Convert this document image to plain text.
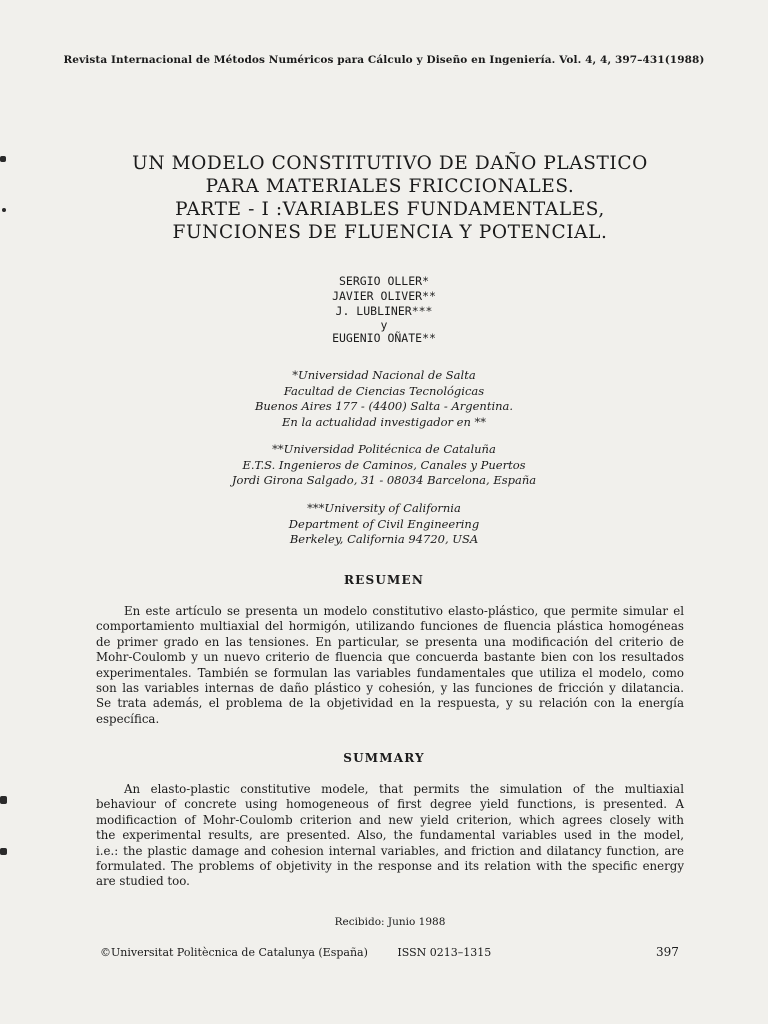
Revista Internacional de Métodos Numéricos para Cálculo y Diseño en Ingeniería. Vol. 4, 4, 397–431(1988)
UN MODELO CONSTITUTIVO DE DAÑO PLASTICO
PARA MATERIALES FRICCIONALES.
PARTE - I :VARIABLES FUNDAMENTALES,
FUNCIONES DE FLUENCIA Y POTENCIAL.
SERGIO OLLER*
JAVIER OLIVER**
J. LUBLINER***
y
EUGENIO OÑATE**
*Universidad Nacional de Salta
Facultad de Ciencias Tecnológicas
Buenos Aires 177 - (4400) Salta - Argentina.
En la actualidad investigador en **
**Universidad Politécnica de Cataluña
E.T.S. Ingenieros de Caminos, Canales y Puertos
Jordi Girona Salgado, 31 - 08034 Barcelona, España
***University of California
Department of Civil Engineering
Berkeley, California 94720, USA
RESUMEN
En este artículo se presenta un modelo constitutivo elasto-plástico, que permite simular el
comportamiento multiaxial del hormigón, utilizando funciones de fluencia plástica homogéneas
de primer grado en las tensiones. En particular, se presenta una modificación del criterio de
Mohr-Coulomb y un nuevo criterio de fluencia que concuerda bastante bien con los resultados
experimentales. También se formulan las variables fundamentales que utiliza el modelo, como
son las variables internas de daño plástico y cohesión, y las funciones de fricción y dilatancia.
Se trata además, el problema de la objetividad en la respuesta, y su relación con la energía
específica.
SUMMARY
An elasto-plastic constitutive modele, that permits the simulation of the multiaxial
behaviour of concrete using homogeneous of first degree yield functions, is presented. A
modificaction of Mohr-Coulomb criterion and new yield criterion, which agrees closely with
the experimental results, are presented. Also, the fundamental variables used in the model,
i.e.: the plastic damage and cohesion internal variables, and friction and dilatancy function, are
formulated. The problems of objetivity in the response and its relation with the specific energy
are studied too.
Recibido: Junio 1988
©Universitat Politècnica de Catalunya (España)	ISSN 0213–1315	397
